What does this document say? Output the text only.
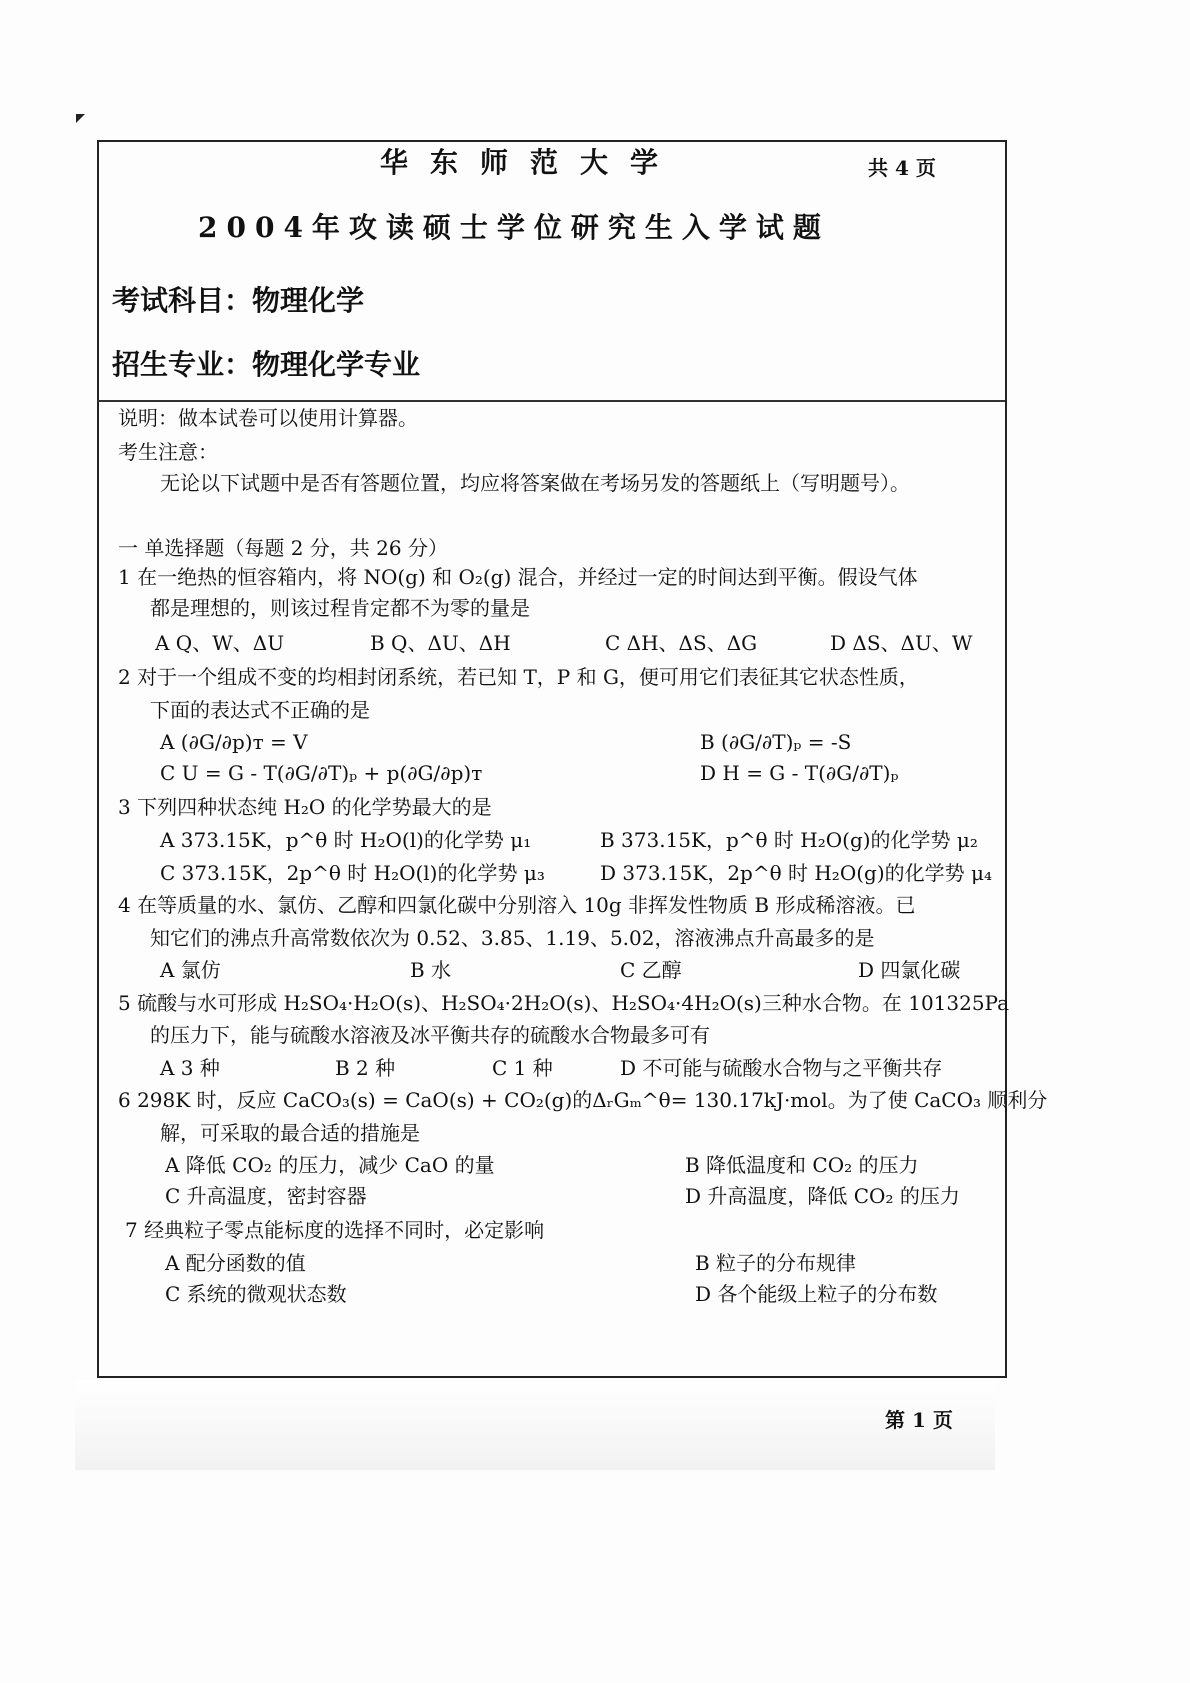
华东师范大学	共 4 页
2004年攻读硕士学位研究生入学试题
考试科目：物理化学
招生专业：物理化学专业
说明：做本试卷可以使用计算器。
考生注意：
无论以下试题中是否有答题位置，均应将答案做在考场另发的答题纸上（写明题号）。
一 单选择题（每题 2 分，共 26 分）
1 在一绝热的恒容箱内，将 NO(g) 和 O₂(g) 混合，并经过一定的时间达到平衡。假设气体
都是理想的，则该过程肯定都不为零的量是
A Q、W、ΔU	B Q、ΔU、ΔH	C ΔH、ΔS、ΔG	D ΔS、ΔU、W
2 对于一个组成不变的均相封闭系统，若已知 T，P 和 G，便可用它们表征其它状态性质，
下面的表达式不正确的是
A (∂G/∂p)ᴛ = V	B (∂G/∂T)ₚ = -S
C U = G - T(∂G/∂T)ₚ + p(∂G/∂p)ᴛ	D H = G - T(∂G/∂T)ₚ
3 下列四种状态纯 H₂O 的化学势最大的是
A 373.15K，p^θ 时 H₂O(l)的化学势 μ₁	B 373.15K，p^θ 时 H₂O(g)的化学势 μ₂
C 373.15K，2p^θ 时 H₂O(l)的化学势 μ₃	D 373.15K，2p^θ 时 H₂O(g)的化学势 μ₄
4 在等质量的水、氯仿、乙醇和四氯化碳中分别溶入 10g 非挥发性物质 B 形成稀溶液。已
知它们的沸点升高常数依次为 0.52、3.85、1.19、5.02，溶液沸点升高最多的是
A 氯仿	B 水	C 乙醇	D 四氯化碳
5 硫酸与水可形成 H₂SO₄·H₂O(s)、H₂SO₄·2H₂O(s)、H₂SO₄·4H₂O(s)三种水合物。在 101325Pa
的压力下，能与硫酸水溶液及冰平衡共存的硫酸水合物最多可有
A 3 种	B 2 种	C 1 种	D 不可能与硫酸水合物与之平衡共存
6 298K 时，反应 CaCO₃(s) = CaO(s) + CO₂(g)的ΔᵣGₘ^θ= 130.17kJ·mol。为了使 CaCO₃ 顺利分
解，可采取的最合适的措施是
A 降低 CO₂ 的压力，减少 CaO 的量	B 降低温度和 CO₂ 的压力
C 升高温度，密封容器	D 升高温度，降低 CO₂ 的压力
7 经典粒子零点能标度的选择不同时，必定影响
A 配分函数的值	B 粒子的分布规律
C 系统的微观状态数	D 各个能级上粒子的分布数
第 1 页
